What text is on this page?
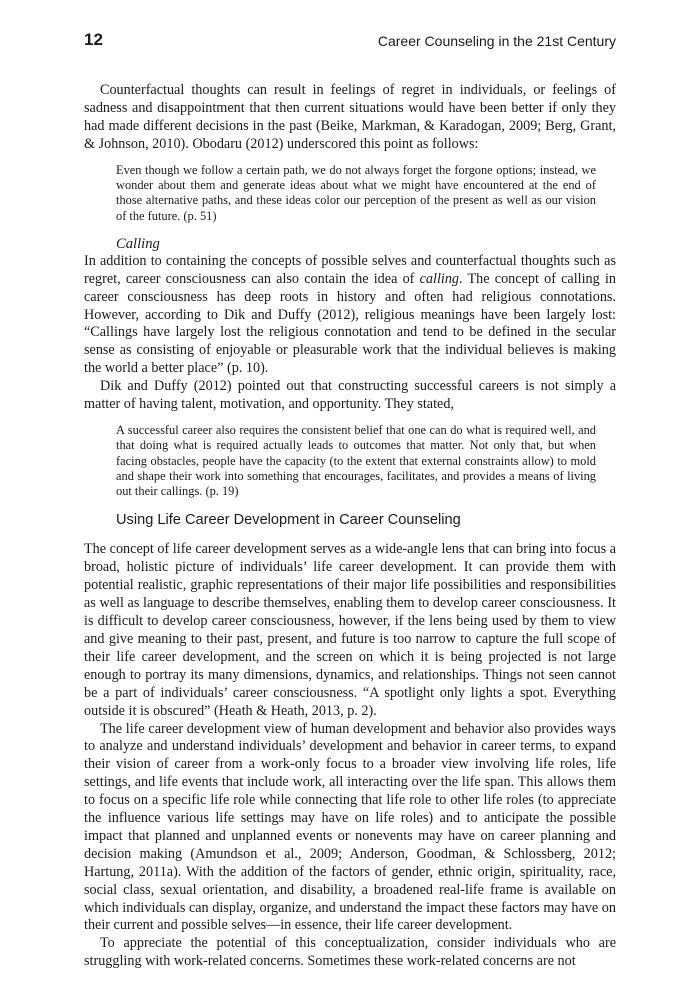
12	Career Counseling in the 21st Century

Counterfactual thoughts can result in feelings of regret in individuals, or feelings of sadness and disappointment that then current situations would have been better if only they had made different decisions in the past (Beike, Markman, & Karadogan, 2009; Berg, Grant, & Johnson, 2010). Obodaru (2012) underscored this point as follows:

Even though we follow a certain path, we do not always forget the forgone options; instead, we wonder about them and generate ideas about what we might have encountered at the end of those alternative paths, and these ideas color our perception of the present as well as our vision of the future. (p. 51)

Calling

In addition to containing the concepts of possible selves and counterfactual thoughts such as regret, career consciousness can also contain the idea of calling. The concept of calling in career consciousness has deep roots in history and often had religious connotations. However, according to Dik and Duffy (2012), religious meanings have been largely lost: “Callings have largely lost the religious connotation and tend to be defined in the secular sense as consisting of enjoyable or pleasurable work that the individual believes is making the world a better place” (p. 10).

Dik and Duffy (2012) pointed out that constructing successful careers is not simply a matter of having talent, motivation, and opportunity. They stated,

A successful career also requires the consistent belief that one can do what is required well, and that doing what is required actually leads to outcomes that matter. Not only that, but when facing obstacles, people have the capacity (to the extent that external constraints allow) to mold and shape their work into something that encourages, facilitates, and provides a means of living out their callings. (p. 19)

Using Life Career Development in Career Counseling

The concept of life career development serves as a wide-angle lens that can bring into focus a broad, holistic picture of individuals’ life career development. It can provide them with potential realistic, graphic representations of their major life possibilities and responsibilities as well as language to describe themselves, enabling them to develop career consciousness. It is difficult to develop career consciousness, however, if the lens being used by them to view and give meaning to their past, present, and future is too narrow to capture the full scope of their life career development, and the screen on which it is being projected is not large enough to portray its many dimensions, dynamics, and relationships. Things not seen cannot be a part of individuals’ career consciousness. “A spotlight only lights a spot. Everything outside it is obscured” (Heath & Heath, 2013, p. 2).

The life career development view of human development and behavior also provides ways to analyze and understand individuals’ development and behavior in career terms, to expand their vision of career from a work-only focus to a broader view involving life roles, life settings, and life events that include work, all interacting over the life span. This allows them to focus on a specific life role while connecting that life role to other life roles (to appreciate the influence various life settings may have on life roles) and to anticipate the possible impact that planned and unplanned events or nonevents may have on career planning and decision making (Amundson et al., 2009; Anderson, Goodman, & Schlossberg, 2012; Hartung, 2011a). With the addition of the factors of gender, ethnic origin, spirituality, race, social class, sexual orientation, and disability, a broadened real-life frame is available on which individuals can display, organize, and understand the impact these factors may have on their current and possible selves—in essence, their life career development.

To appreciate the potential of this conceptualization, consider individuals who are struggling with work-related concerns. Sometimes these work-related concerns are not
